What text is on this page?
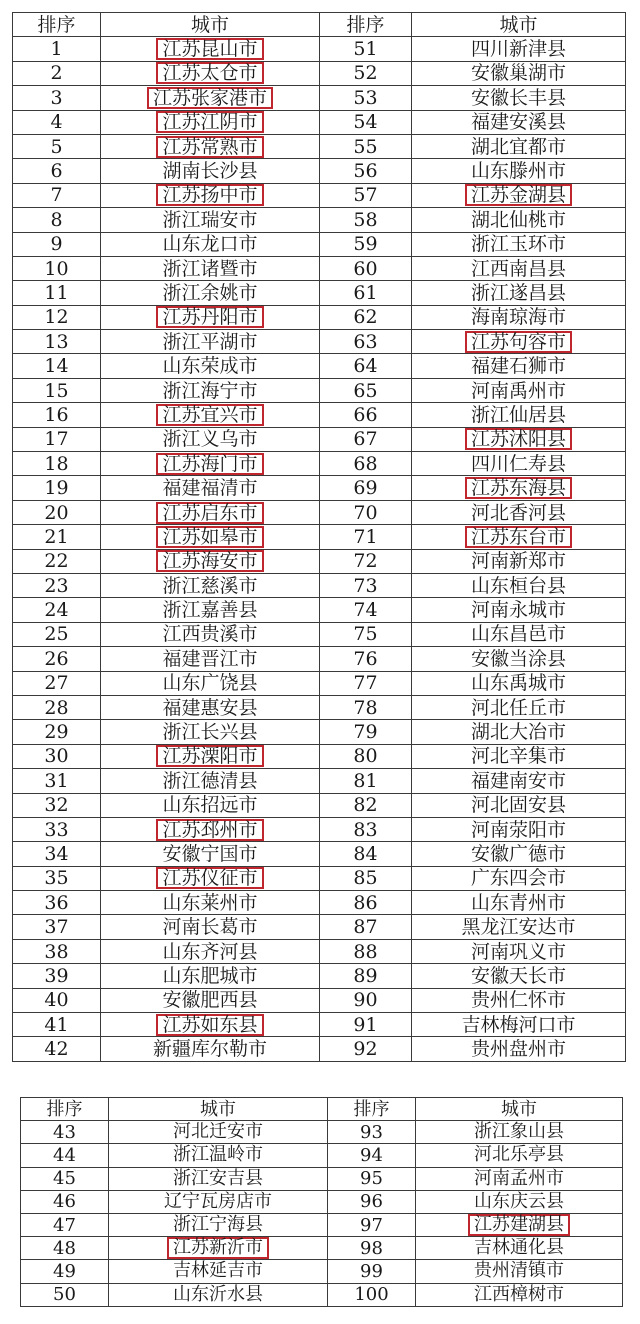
排序	城市	排序	城市
1	江苏昆山市	51	四川新津县
2	江苏太仓市	52	安徽巢湖市
3	江苏张家港市	53	安徽长丰县
4	江苏江阴市	54	福建安溪县
5	江苏常熟市	55	湖北宜都市
6	湖南长沙县	56	山东滕州市
7	江苏扬中市	57	江苏金湖县
8	浙江瑞安市	58	湖北仙桃市
9	山东龙口市	59	浙江玉环市
10	浙江诸暨市	60	江西南昌县
11	浙江余姚市	61	浙江遂昌县
12	江苏丹阳市	62	海南琼海市
13	浙江平湖市	63	江苏句容市
14	山东荣成市	64	福建石狮市
15	浙江海宁市	65	河南禹州市
16	江苏宜兴市	66	浙江仙居县
17	浙江义乌市	67	江苏沭阳县
18	江苏海门市	68	四川仁寿县
19	福建福清市	69	江苏东海县
20	江苏启东市	70	河北香河县
21	江苏如皋市	71	江苏东台市
22	江苏海安市	72	河南新郑市
23	浙江慈溪市	73	山东桓台县
24	浙江嘉善县	74	河南永城市
25	江西贵溪市	75	山东昌邑市
26	福建晋江市	76	安徽当涂县
27	山东广饶县	77	山东禹城市
28	福建惠安县	78	河北任丘市
29	浙江长兴县	79	湖北大冶市
30	江苏溧阳市	80	河北辛集市
31	浙江德清县	81	福建南安市
32	山东招远市	82	河北固安县
33	江苏邳州市	83	河南荥阳市
34	安徽宁国市	84	安徽广德市
35	江苏仪征市	85	广东四会市
36	山东莱州市	86	山东青州市
37	河南长葛市	87	黑龙江安达市
38	山东齐河县	88	河南巩义市
39	山东肥城市	89	安徽天长市
40	安徽肥西县	90	贵州仁怀市
41	江苏如东县	91	吉林梅河口市
42	新疆库尔勒市	92	贵州盘州市
排序	城市	排序	城市
43	河北迁安市	93	浙江象山县
44	浙江温岭市	94	河北乐亭县
45	浙江安吉县	95	河南孟州市
46	辽宁瓦房店市	96	山东庆云县
47	浙江宁海县	97	江苏建湖县
48	江苏新沂市	98	吉林通化县
49	吉林延吉市	99	贵州清镇市
50	山东沂水县	100	江西樟树市
